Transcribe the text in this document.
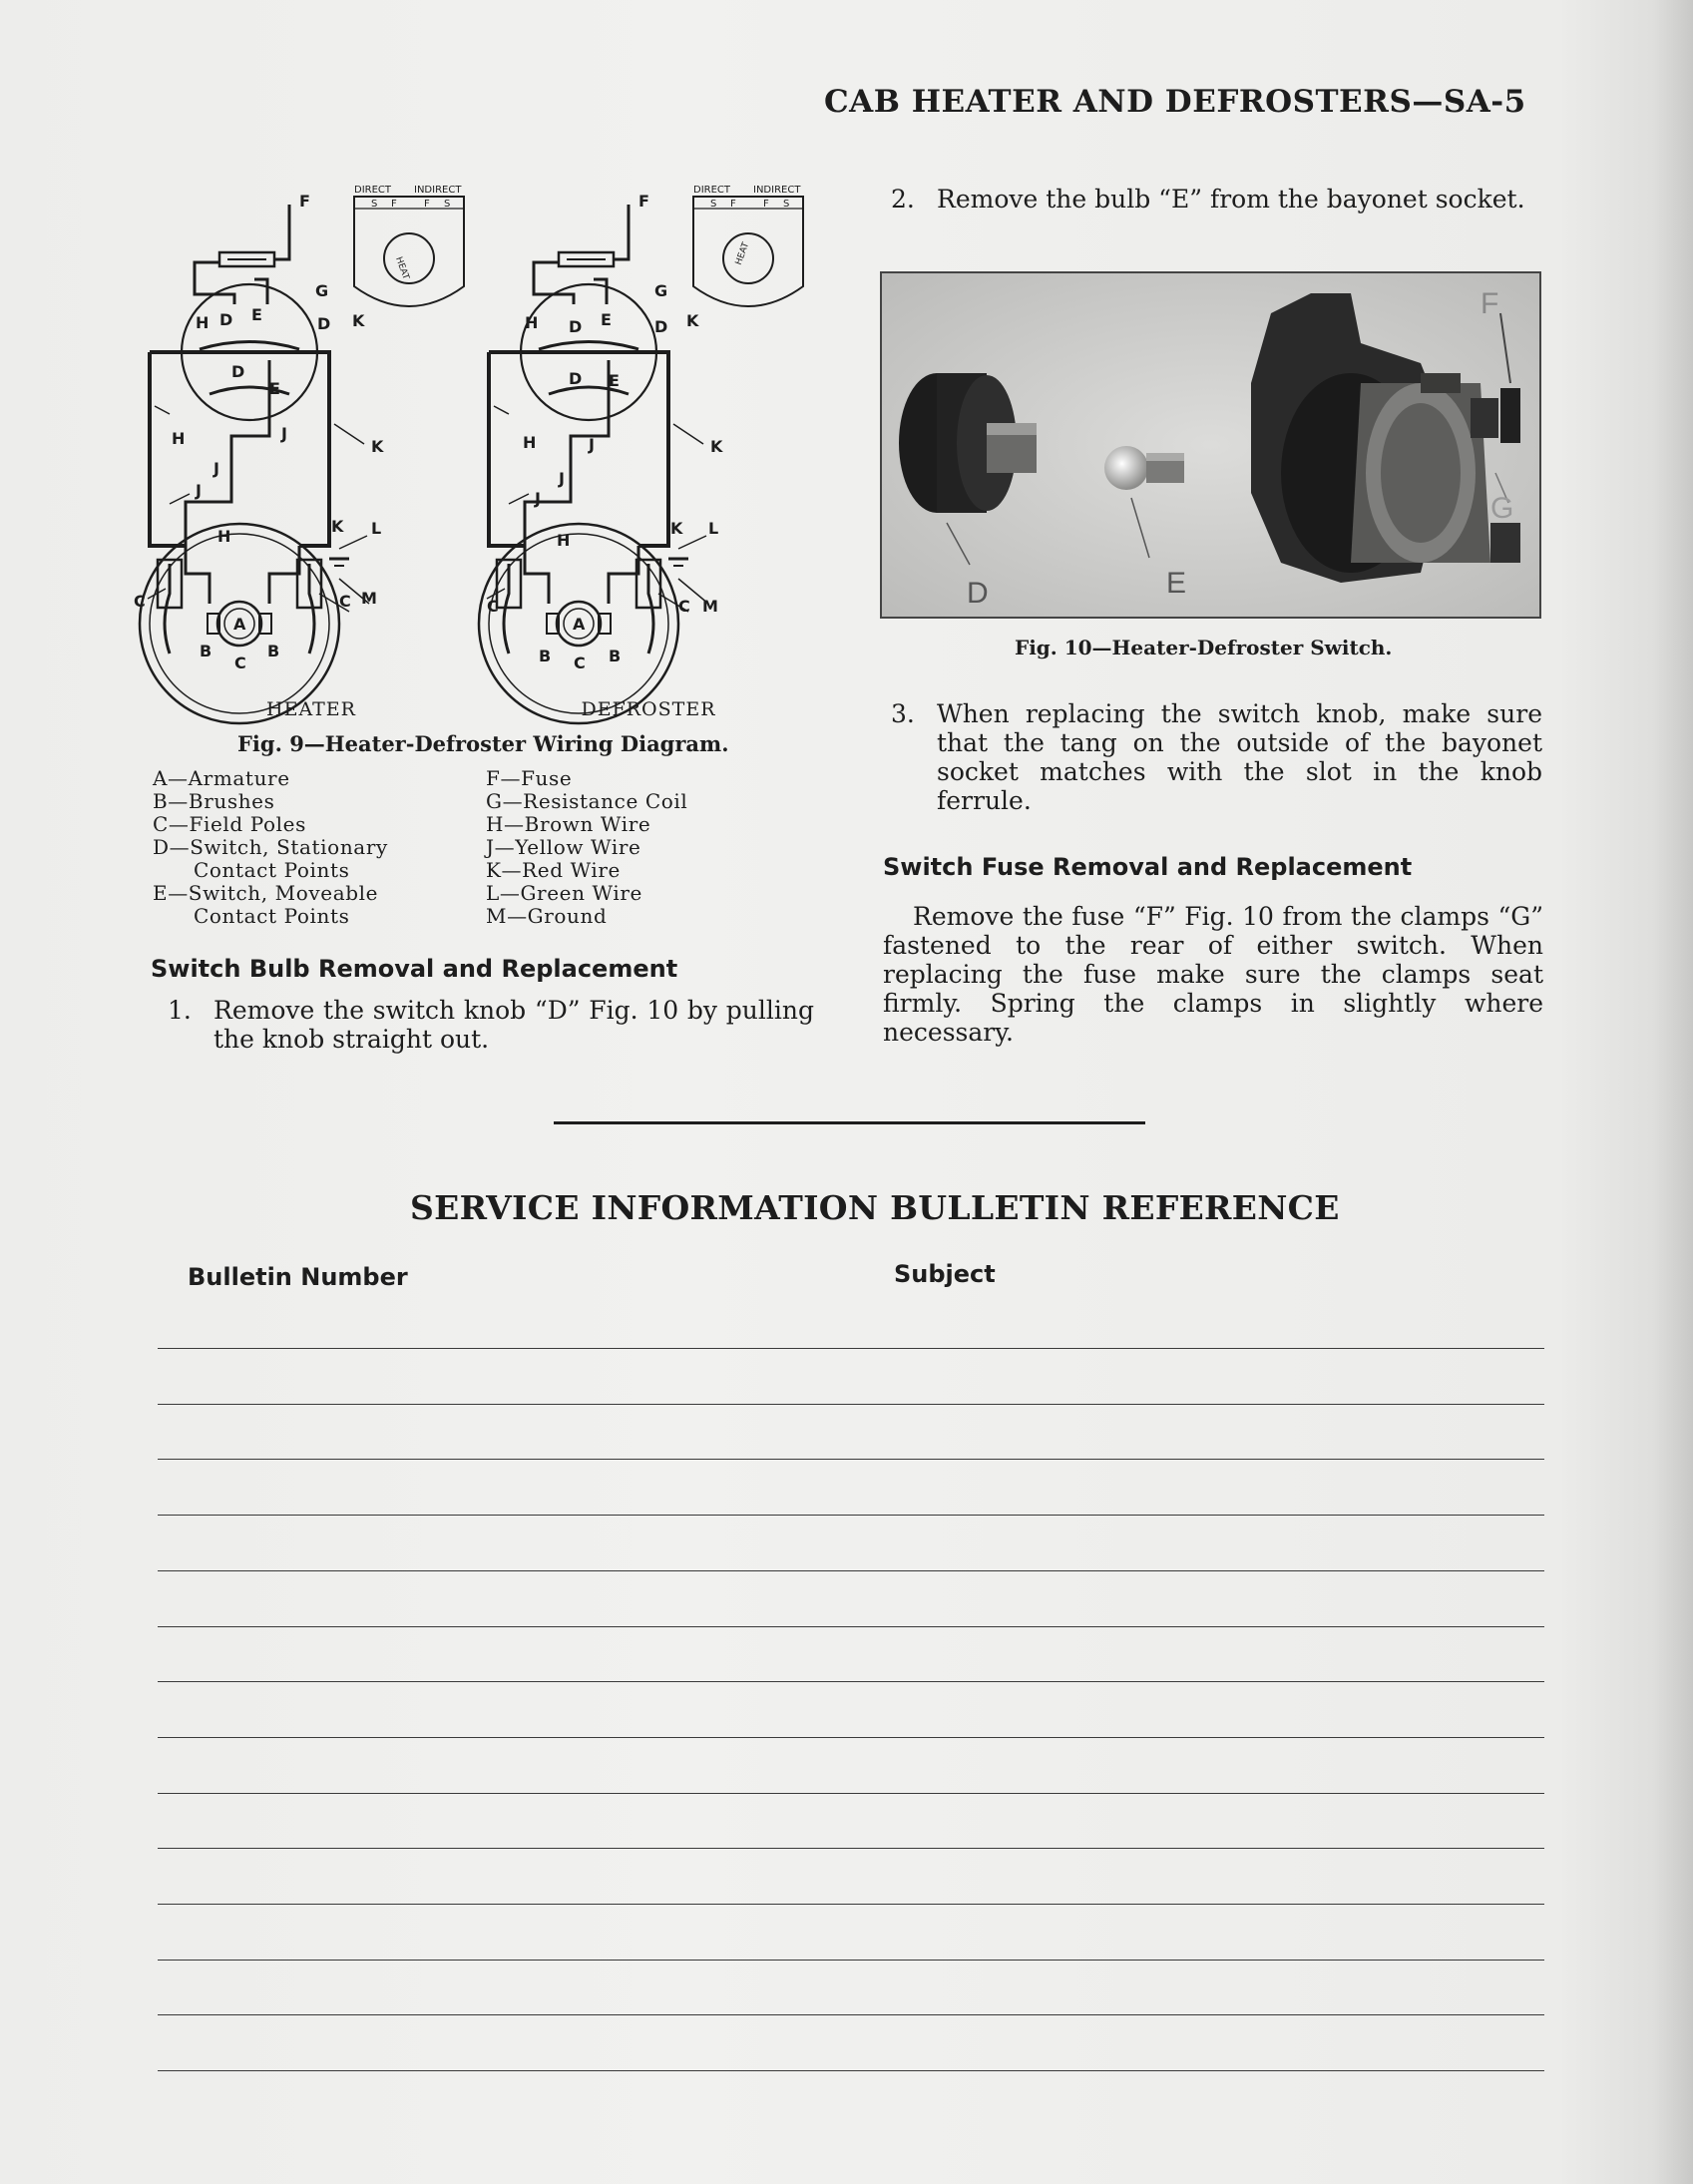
CAB HEATER AND DEFROSTERS—SA-5
DIRECT INDIRECT
S F	F S
HEAT
DIRECT INDIRECT
S F	F S
HEAT
F
G
H D E	D K
D
E
J
H	K
J
J
H
K L
A
C
B	B
C M
C
F
G
H D E	D K
D E
J
H	K
J
J
H
K L
A
C
B	B
C M
C
HEATER	DEFROSTER
Fig. 9—Heater-Defroster Wiring Diagram.
A—Armature
B—Brushes
C—Field Poles
D—Switch, Stationary
Contact Points
E—Switch, Moveable
Contact Points
F—Fuse
G—Resistance Coil
H—Brown Wire
J—Yellow Wire
K—Red Wire
L—Green Wire
M—Ground
Switch Bulb Removal and Replacement
1. Remove the switch knob “D” Fig. 10 by pulling the knob straight out.
2. Remove the bulb “E” from the bayonet socket.
D	E
F
G
Fig. 10—Heater-Defroster Switch.
3. When replacing the switch knob, make sure that the tang on the outside of the bayonet socket matches with the slot in the knob ferrule.
Switch Fuse Removal and Replacement
Remove the fuse “F” Fig. 10 from the clamps “G” fastened to the rear of either switch. When replacing the fuse make sure the clamps seat firmly. Spring the clamps in slightly where necessary.
SERVICE INFORMATION BULLETIN REFERENCE
Bulletin Number	Subject
